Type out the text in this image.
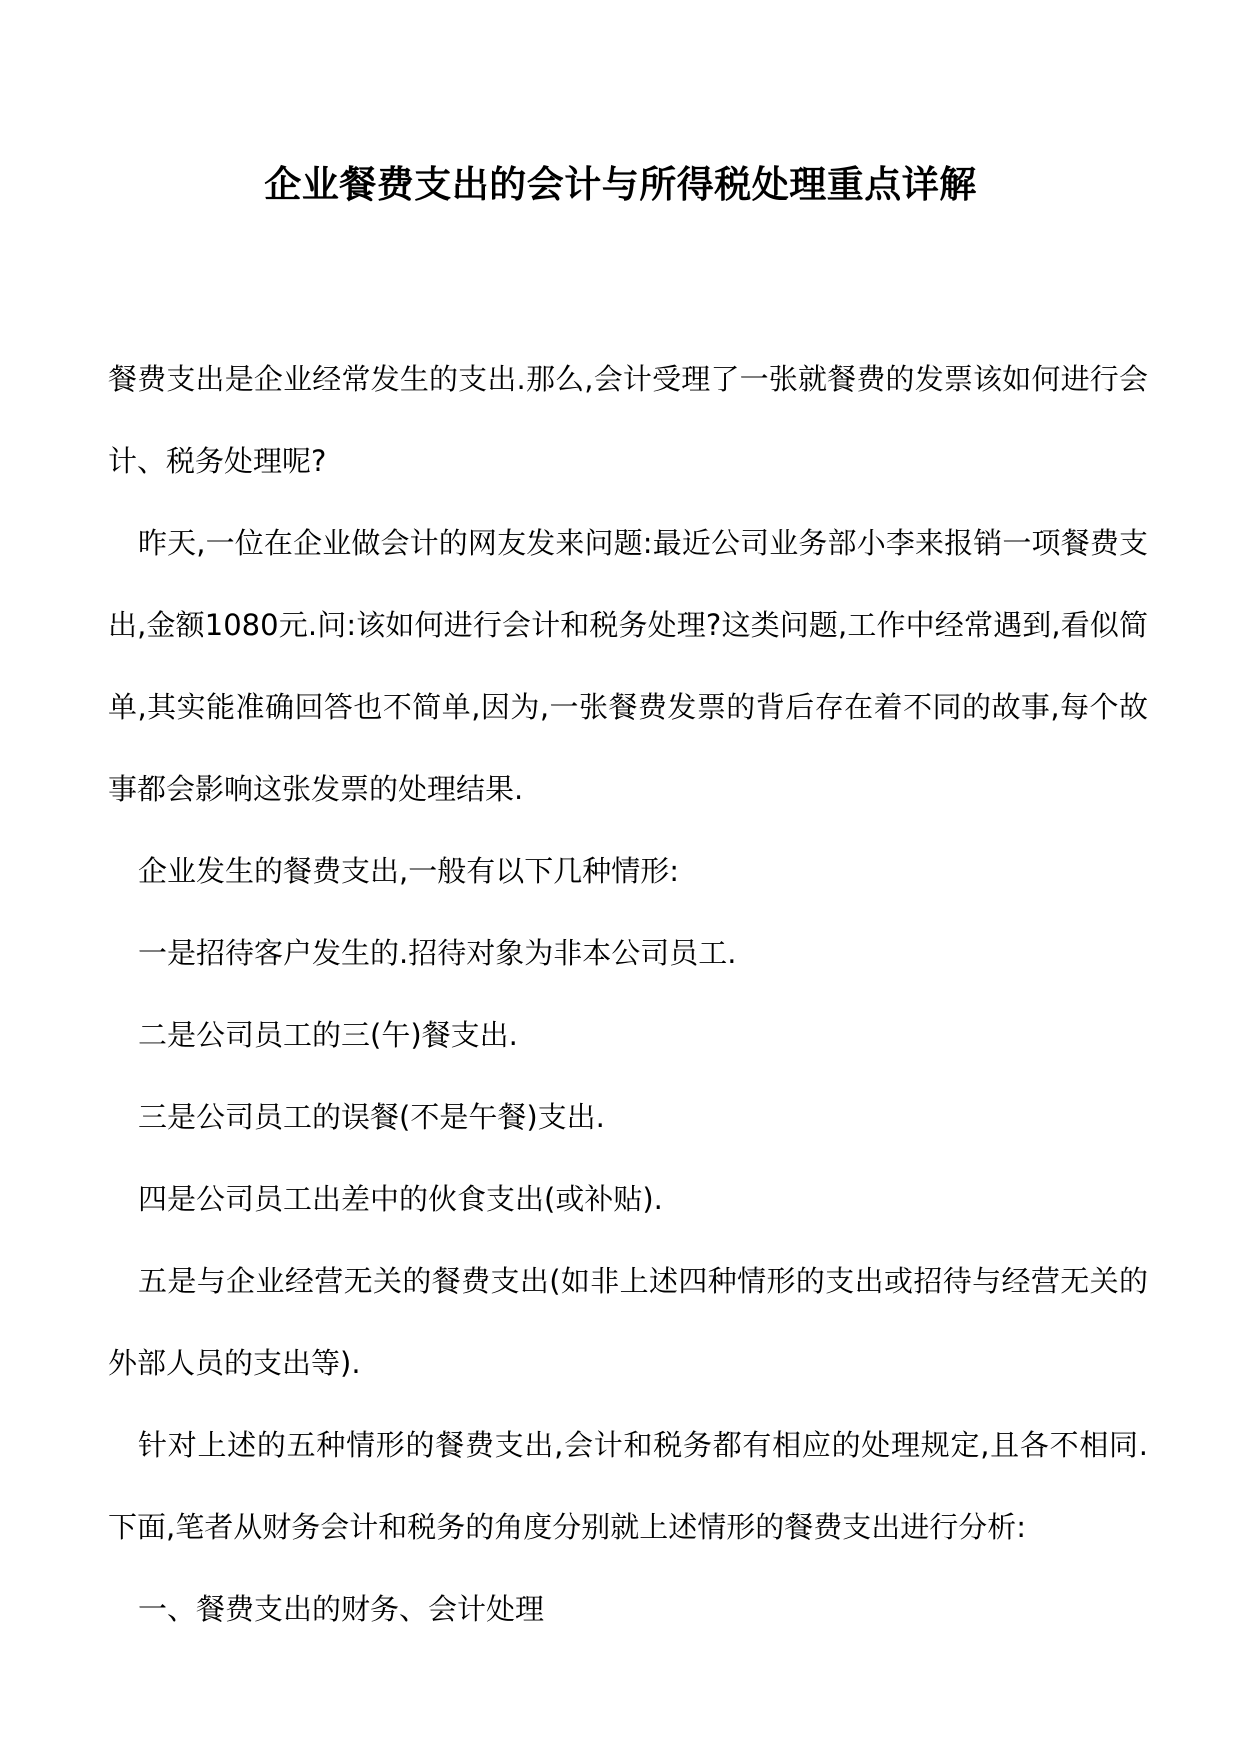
企业餐费支出的会计与所得税处理重点详解

餐费支出是企业经常发生的支出.那么,会计受理了一张就餐费的发票该如何进行会计、税务处理呢?

昨天,一位在企业做会计的网友发来问题:最近公司业务部小李来报销一项餐费支出,金额1080元.问:该如何进行会计和税务处理?这类问题,工作中经常遇到,看似简单,其实能准确回答也不简单,因为,一张餐费发票的背后存在着不同的故事,每个故事都会影响这张发票的处理结果.

企业发生的餐费支出,一般有以下几种情形:

一是招待客户发生的.招待对象为非本公司员工.

二是公司员工的三(午)餐支出.

三是公司员工的误餐(不是午餐)支出.

四是公司员工出差中的伙食支出(或补贴).

五是与企业经营无关的餐费支出(如非上述四种情形的支出或招待与经营无关的外部人员的支出等).

针对上述的五种情形的餐费支出,会计和税务都有相应的处理规定,且各不相同.下面,笔者从财务会计和税务的角度分别就上述情形的餐费支出进行分析:

一、餐费支出的财务、会计处理
